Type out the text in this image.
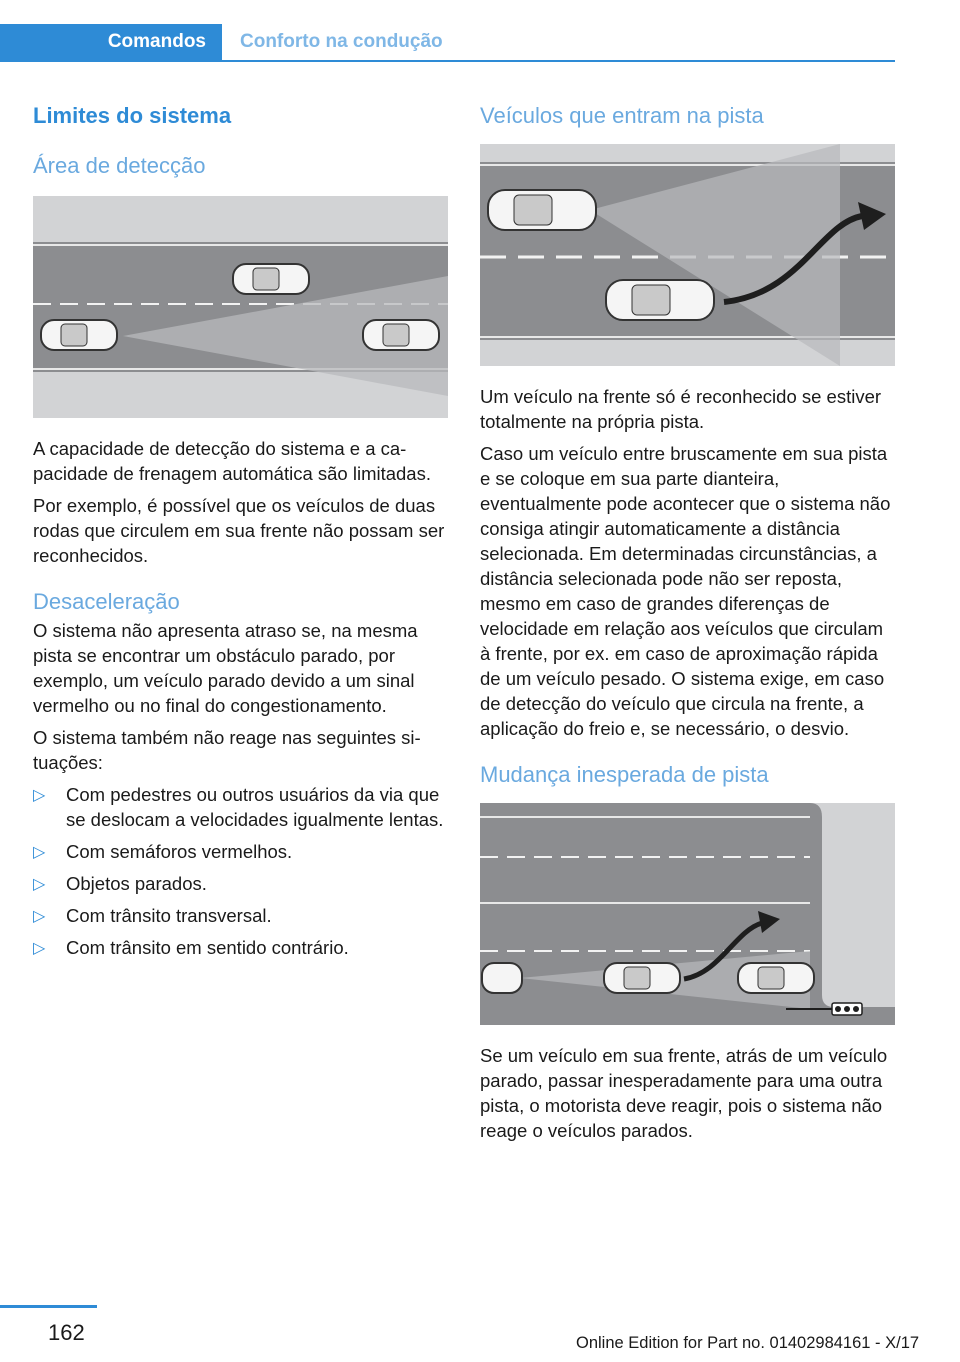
Comandos	Conforto na condução
Limites do sistema
Área de detecção

A capacidade de detecção do sistema e a capacidade de frenagem automática são limitadas.

Por exemplo, é possível que os veículos de duas rodas que circulem em sua frente não possam ser reconhecidos.

Desaceleração

O sistema não apresenta atraso se, na mesma pista se encontrar um obstáculo parado, por exemplo, um veículo parado devido a um sinal vermelho ou no final do congestionamento.

O sistema também não reage nas seguintes situações:

▷ Com pedestres ou outros usuários da via que se deslocam a velocidades igualmente lentas.
▷ Com semáforos vermelhos.
▷ Objetos parados.
▷ Com trânsito transversal.
▷ Com trânsito em sentido contrário.
Veículos que entram na pista

Um veículo na frente só é reconhecido se estiver totalmente na própria pista.

Caso um veículo entre bruscamente em sua pista e se coloque em sua parte dianteira, eventualmente pode acontecer que o sistema não consiga atingir automaticamente a distância selecionada. Em determinadas circunstâncias, a distância selecionada pode não ser reposta, mesmo em caso de grandes diferenças de velocidade em relação aos veículos que circulam à frente, por ex. em caso de aproximação rápida de um veículo pesado. O sistema exige, em caso de detecção do veículo que circula na frente, a aplicação do freio e, se necessário, o desvio.

Mudança inesperada de pista

Se um veículo em sua frente, atrás de um veículo parado, passar inesperadamente para uma outra pista, o motorista deve reagir, pois o sistema não reage o veículos parados.

162	Online Edition for Part no. 01402984161 - X/17
